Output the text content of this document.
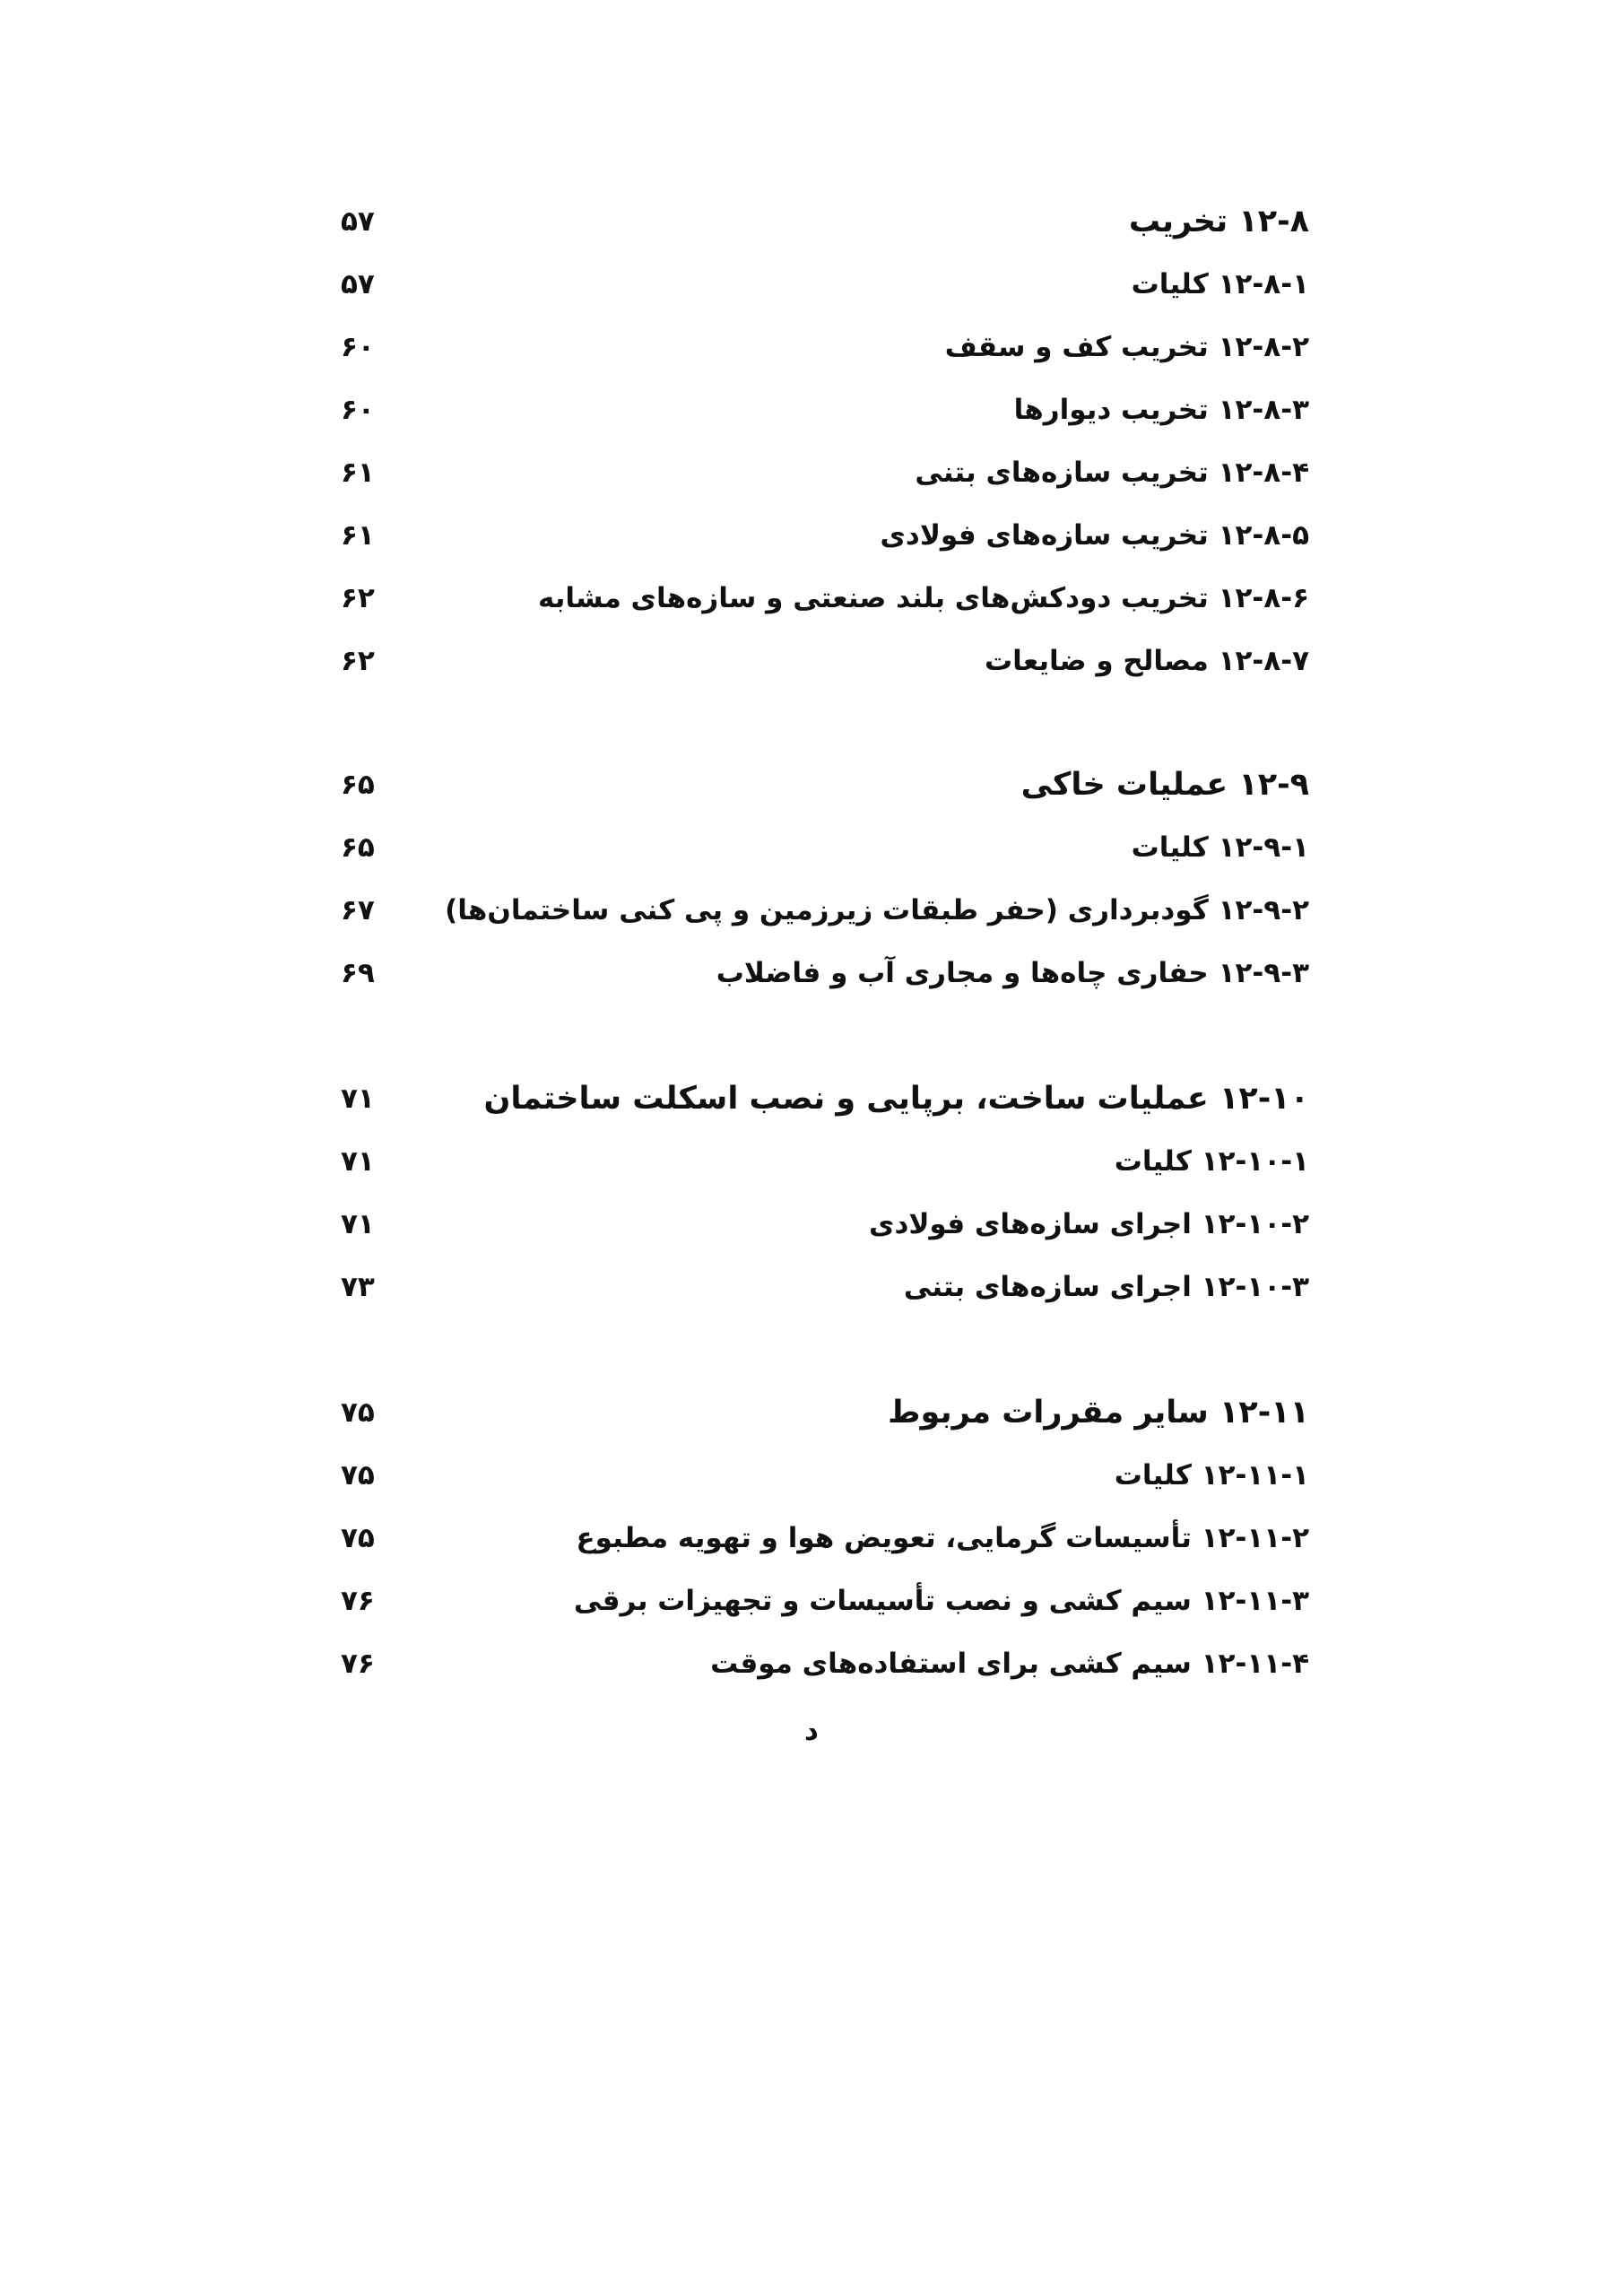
۱۲-۸ تخریب
۵۷
۱۲-۸-۱ کلیات
۵۷
۱۲-۸-۲ تخریب کف و سقف
۶۰
۱۲-۸-۳ تخریب دیوارها
۶۰
۱۲-۸-۴ تخریب سازه‌های بتنی
۶۱
۱۲-۸-۵ تخریب سازه‌های فولادی
۶۱
۱۲-۸-۶ تخریب دودکش‌های بلند صنعتی و سازه‌های مشابه
۶۲
۱۲-۸-۷ مصالح و ضایعات
۶۲
۱۲-۹ عملیات خاکی
۶۵
۱۲-۹-۱ کلیات
۶۵
۱۲-۹-۲ گودبرداری (حفر طبقات زیرزمین و پی کنی ساختمان‌ها)
۶۷
۱۲-۹-۳ حفاری چاه‌ها و مجاری آب و فاضلاب
۶۹
۱۲-۱۰ عملیات ساخت، برپایی و نصب اسکلت ساختمان
۷۱
۱۲-۱۰-۱ کلیات
۷۱
۱۲-۱۰-۲ اجرای سازه‌های فولادی
۷۱
۱۲-۱۰-۳ اجرای سازه‌های بتنی
۷۳
۱۲-۱۱ سایر مقررات مربوط
۷۵
۱۲-۱۱-۱ کلیات
۷۵
۱۲-۱۱-۲ تأسیسات گرمایی، تعویض هوا و تهویه مطبوع
۷۵
۱۲-۱۱-۳ سیم کشی و نصب تأسیسات و تجهیزات برقی
۷۶
۱۲-۱۱-۴ سیم کشی برای استفاده‌های موقت
۷۶
د
